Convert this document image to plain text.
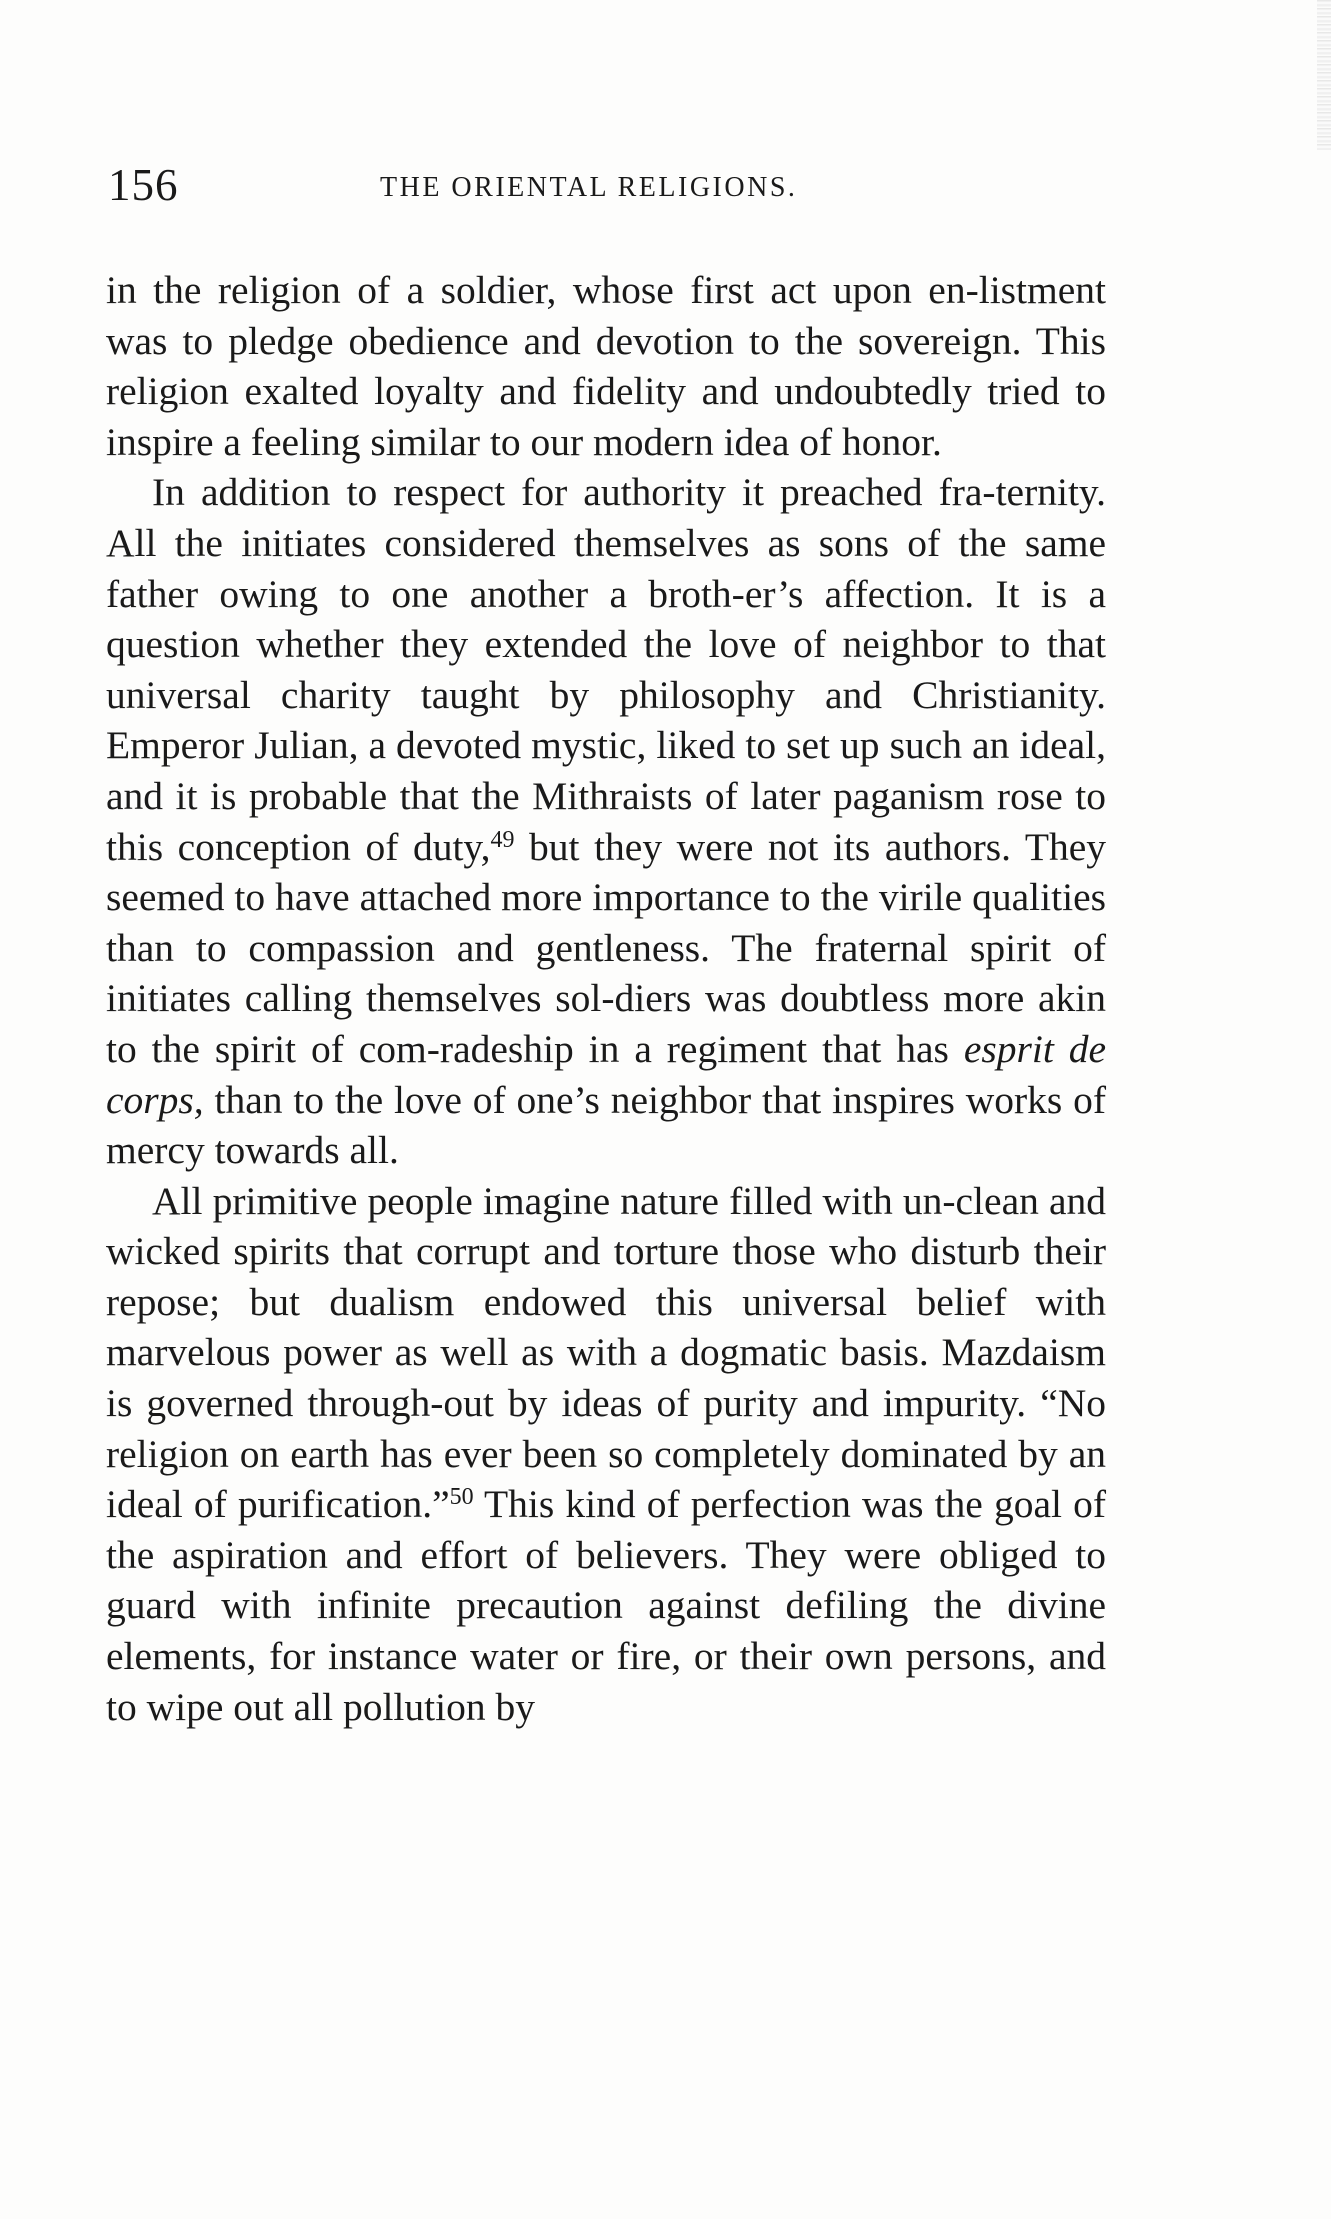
156	THE ORIENTAL RELIGIONS.

in the religion of a soldier, whose first act upon en-listment was to pledge obedience and devotion to the sovereign. This religion exalted loyalty and fidelity and undoubtedly tried to inspire a feeling similar to our modern idea of honor.

In addition to respect for authority it preached fra-ternity. All the initiates considered themselves as sons of the same father owing to one another a broth-er’s affection. It is a question whether they extended the love of neighbor to that universal charity taught by philosophy and Christianity. Emperor Julian, a devoted mystic, liked to set up such an ideal, and it is probable that the Mithraists of later paganism rose to this conception of duty,$^{49}$ but they were not its authors. They seemed to have attached more importance to the virile qualities than to compassion and gentleness. The fraternal spirit of initiates calling themselves sol-diers was doubtless more akin to the spirit of com-radeship in a regiment that has esprit de corps, than to the love of one’s neighbor that inspires works of mercy towards all.

All primitive people imagine nature filled with un-clean and wicked spirits that corrupt and torture those who disturb their repose; but dualism endowed this universal belief with marvelous power as well as with a dogmatic basis. Mazdaism is governed through-out by ideas of purity and impurity. “No religion on earth has ever been so completely dominated by an ideal of purification.”$^{50}$ This kind of perfection was the goal of the aspiration and effort of believers. They were obliged to guard with infinite precaution against defiling the divine elements, for instance water or fire, or their own persons, and to wipe out all pollution by
